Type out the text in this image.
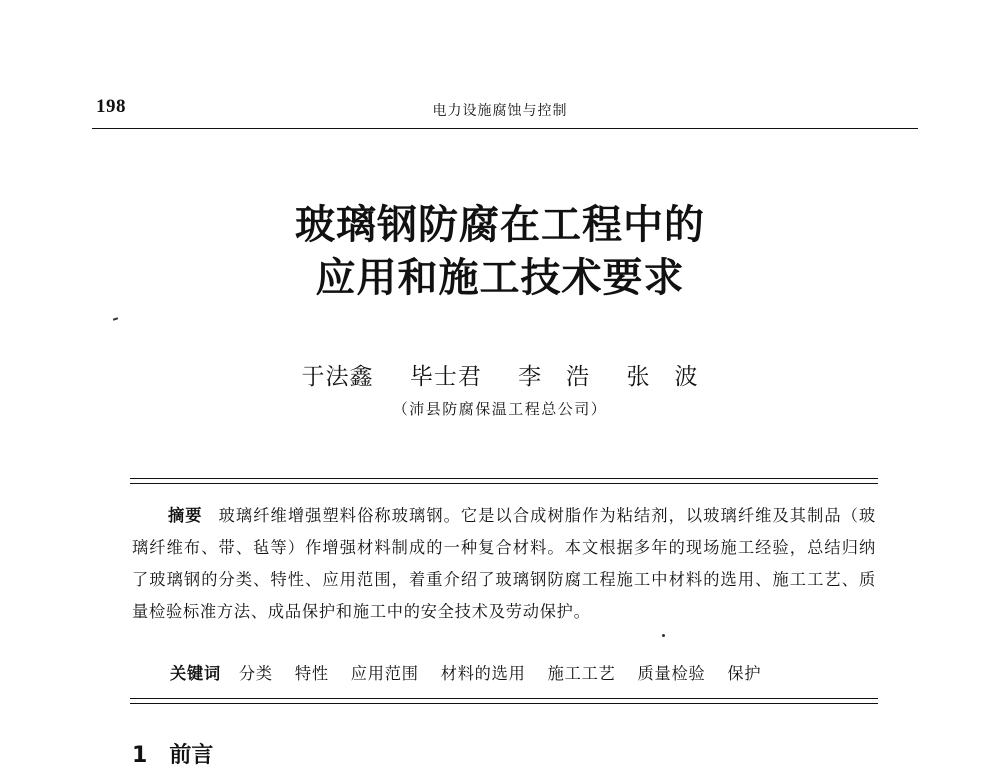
198	电力设施腐蚀与控制
玻璃钢防腐在工程中的
应用和施工技术要求
于法鑫 毕士君 李　浩 张　波
（沛县防腐保温工程总公司）

摘要 玻璃纤维增强塑料俗称玻璃钢。它是以合成树脂作为粘结剂，以玻璃纤维及其制品（玻璃纤维布、带、毡等）作增强材料制成的一种复合材料。本文根据多年的现场施工经验，总结归纳了玻璃钢的分类、特性、应用范围，着重介绍了玻璃钢防腐工程施工中材料的选用、施工工艺、质量检验标准方法、成品保护和施工中的安全技术及劳动保护。

关键词 分类 特性 应用范围 材料的选用 施工工艺 质量检验 保护
1 前言
